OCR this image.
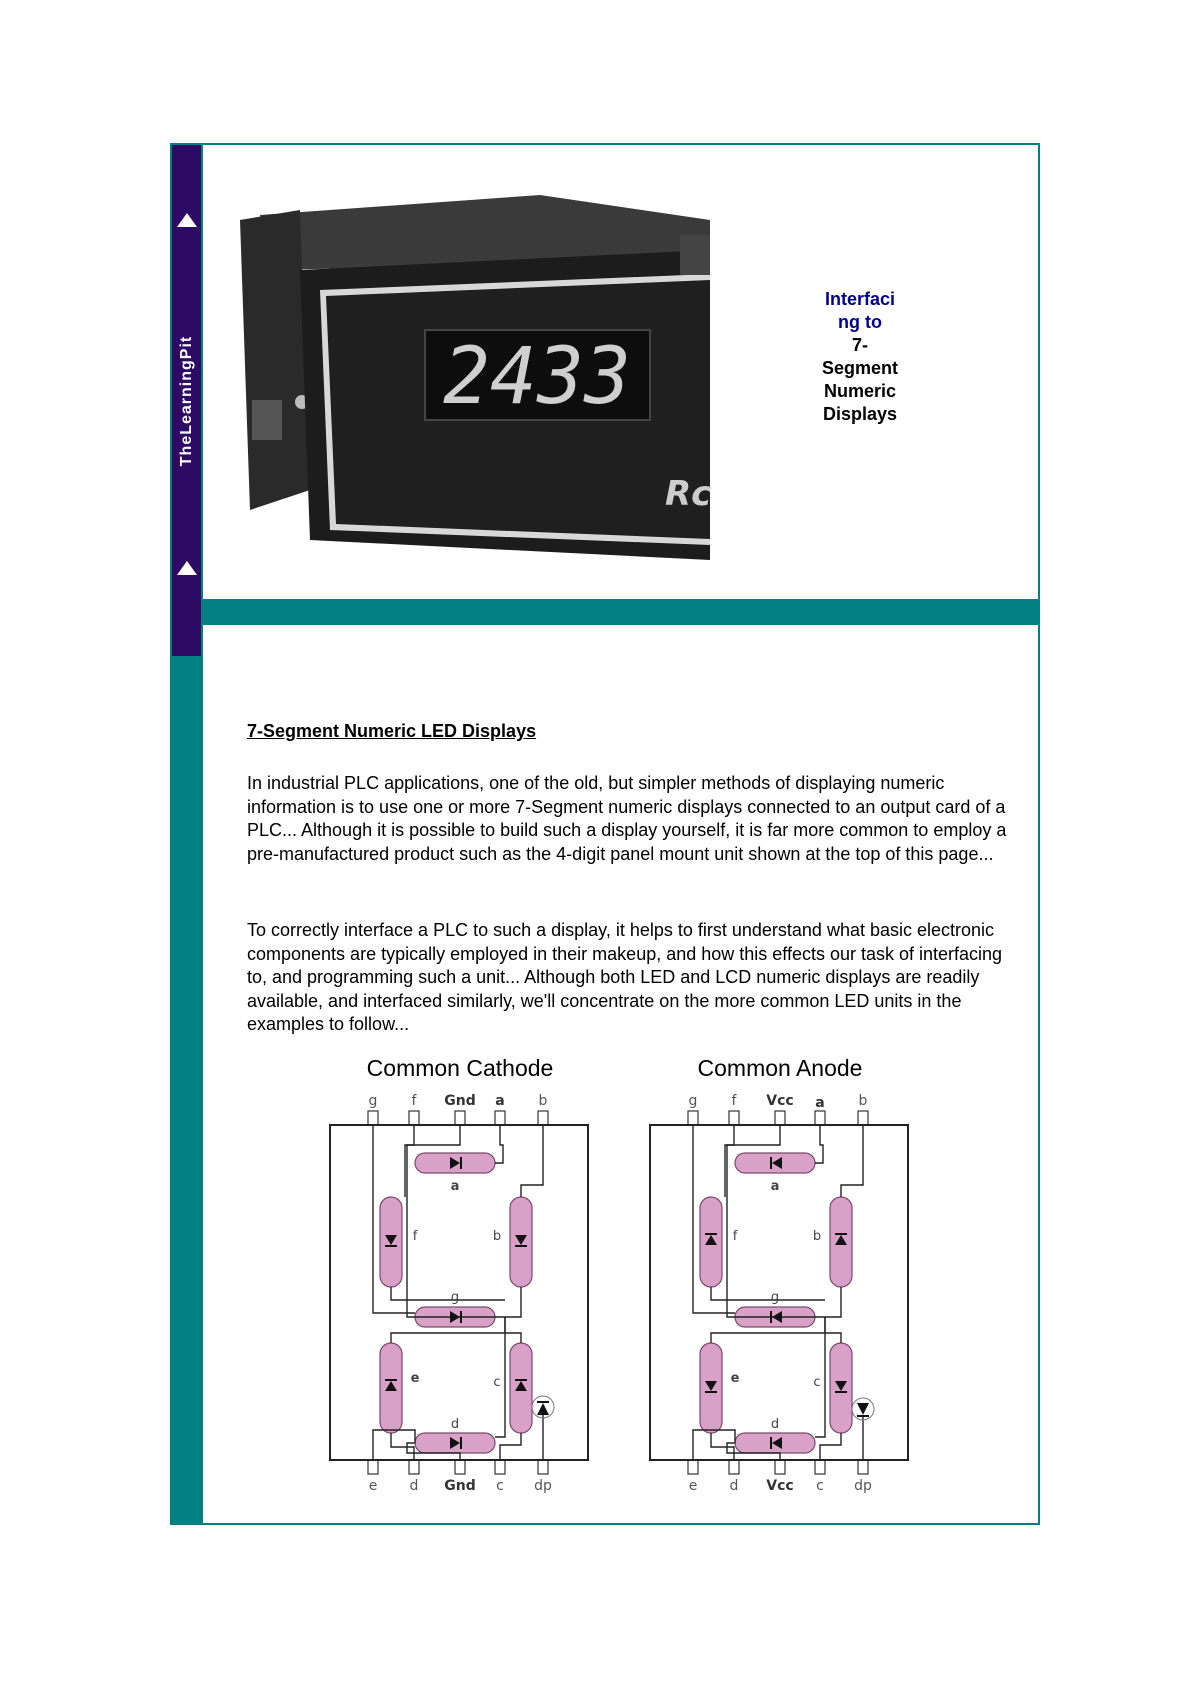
TheLearningPit	2433
Rc
Interfaci
ng to
7-
Segment
Numeric
Displays
7-Segment Numeric LED Displays

In industrial PLC applications, one of the old, but simpler methods of displaying numeric information is to use one or more 7-Segment numeric displays connected to an output card of a PLC... Although it is possible to build such a display yourself, it is far more common to employ a pre-manufactured product such as the 4-digit panel mount unit shown at the top of this page...

To correctly interface a PLC to such a display, it helps to first understand what basic electronic components are typically employed in their makeup, and how this effects our task of interfacing to, and programming such a unit... Although both LED and LCD numeric displays are readily available, and interfaced similarly, we'll concentrate on the more common LED units in the examples to follow...

Common Cathode
g f Gnd a b
e d Gnd c dp
a
b
c
d
e
f
g
Common Anode
g f Vcc a b
e d Vcc c dp
a
b
c
d
e
f
g
